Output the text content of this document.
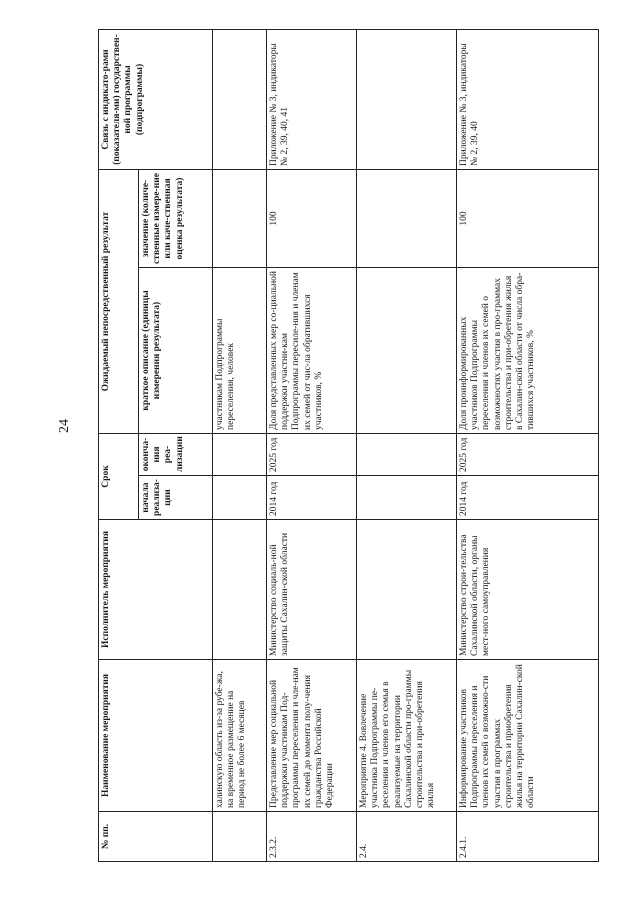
24
№ пп.	Наименование мероприятия	Исполнитель мероприятия	Срок		Ожидаемый непосредственный результат		Связь с индикато-рами (показателя-ми) государствен-ной программы (подпрограммы)
			начала реализа-ции	оконча-ния реа-лизации	краткое описание (единицы измерения результата)	значение (количе-ственные измере-ние или каче-ственная оценка результата)	
	халинскую область из-за рубе-жа, на временное размещение на период не более 6 месяцев				участникам Подпрограммы переселения, человек		
2.3.2.	Представление мер социальной поддержки участникам Под-программы переселения и чле-нам их семей до момента полу-чения гражданства Российской Федерации	Министерство социаль-ной защиты Сахалин-ской области	2014 год	2025 год	Доля представленных мер со-циальной поддержки участни-кам Подпрограммы пересиле-ния и членам их семей от чис-ла обратившихся участников, %	100	Приложение № 3, индикаторы № 2, 39, 40, 41
2.4.	Мероприятие 4. Вовлечение участника Подпрограммы пе-реселения и членов его семья в реализуемые на территории Сахалинской области про-граммы строительства и при-обретения жилья						
2.4.1.	Информирование участников Подпрограммы переселения и членов их семей о возможно-сти участия в программах строительства и приобретения жилья на территории Сахалин-ской области	Министерство строи-тельства Сахалинской области, органы мест-ного самоуправления	2014 год	2025 год	Доля проинформированных участников Подпрограммы переселения и членов их семей о возможностях участия в про-граммах строительства и при-обретения жилья в Сахалин-ской области от числа обра-тившихся участников, %	100	Приложение № 3, индикаторы № 2, 39, 40
